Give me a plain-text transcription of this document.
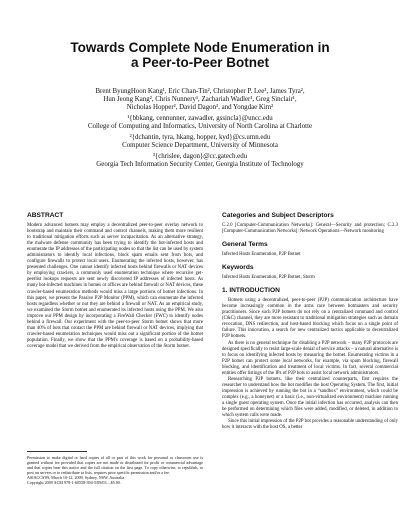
Towards Complete Node Enumeration in
a Peer-to-Peer Botnet
Brent ByungHoon Kang¹, Eric Chan-Tin², Christopher P. Lee³, James Tyra²,
Hun Jeong Kang², Chris Nunnery¹, Zachariah Wadler¹, Greg Sinclair¹,
Nicholas Hopper², David Dagon³, and Yongdae Kim²
¹{bbkang, cennunner, zawadler, gssincla}@uncc.edu
College of Computing and Informatics, University of North Carolina at Charlotte
²{dchantin, tyra, hkang, hopper, kyd}@cs.umn.edu
Computer Science Department, University of Minnesota
³{chrislee, dagon}@cc.gatech.edu
Georgia Tech Information Security Center, Georgia Institute of Technology
ABSTRACT

Modern advanced botnets may employ a decentralized peer-to-peer overlay network to bootstrap and maintain their command and control channels, making them more resilient to traditional mitigation efforts such as server incapacitation. As an alternative strategy, the malware defense community has been trying to identify the bot-infected hosts and enumerate the IP addresses of the participating nodes so that the list can be used by system administrators to identify local infections, block spam emails sent from bots, and configure firewalls to protect local users. Enumerating the infected hosts, however, has presented challenges. One cannot identify infected hosts behind firewalls or NAT devices by employing crawlers, a commonly used enumeration technique where recursive get-peerlist lookups requests are sent newly discovered IP addresses of infected hosts. As many bot-infected machines in homes or offices are behind firewall or NAT devices, these crawler-based enumeration methods would miss a large portions of botnet infections. In this paper, we present the Passive P2P Monitor (PPM), which can enumerate the infected hosts regardless whether or not they are behind a firewall or NAT. As an empirical study, we examined the Storm botnet and enumerated its infected hosts using the PPM. We also improve our PPM design by incorporating a FireWall Checker (FWC) to identify nodes behind a firewall. Our experiment with the peer-to-peer Storm botnet shows that more than 40% of bots that contact the PPM are behind firewall or NAT devices, implying that crawler-based enumeration techniques would miss out a significant portion of the botnet population. Finally, we show that the PPM's coverage is based on a probability-based coverage model that we derived from the empirical observation of the Storm botnet.

Permission to make digital or hard copies of all or part of this work for personal or classroom use is granted without fee provided that copies are not made or distributed for profit or commercial advantage and that copies bear this notice and the full citation on the first page. To copy otherwise, to republish, to post on servers or to redistribute to lists, requires prior specific permission and/or a fee.

ASIACCS'09, March 10-12, 2009, Sydney, NSW, Australia
Copyright 2009 ACM 978-1-60558-394-5/09/03 ...$5.00.
Categories and Subject Descriptors

C.2.0 [Computer-Communication Networks]: General—Security and protection; C.2.3 [Computer-Communication Networks]: Network Operations—Network monitoring

General Terms

Infected Hosts Enumeration, P2P Botnet

Keywords

Infected Hosts Enumeration, P2P Botnet, Storm

1. INTRODUCTION

Botnets using a decentralized, peer-to-peer (P2P) communication architecture have become increasingly common in the arms race between botmasters and security practitioners. Since such P2P botnets do not rely on a centralized command and control (C&C) channel, they are more resistant to traditional mitigation strategies such as domain revocation, DNS redirection, and host-based blocking which focus on a single point of failure. This innovation, a search for new centralized tactics applicable to decentralized P2P botnets.

As there is no general technique for disabling a P2P network – many P2P protocols are designed specifically to resist large-scale denial of service attacks – a natural alternative is to focus on identifying infected hosts by measuring the botnet. Enumerating victims in a P2P botnet can protect some local networks, for example, via spam blocking, firewall blocking, and identification and treatment of local victims. In fact, several commercial entities offer listings of the IPs of P2P bots to assist local network administrators.

Researching P2P botnets, like their centralized counterparts, first requires the researcher to understand how the bot modifies the host Operating System. The first, initial impression is achieved by running the bot in a “sandbox” environment, which could be complex (e.g., a honeynet) or a basic (i.e., non-virtualized environment) machine running a single guest operating system. Once the initial infection has occurred, analysis can then be performed on determining which files were added, modified, or deleted, in addition to which system calls were made.

Since this initial impression of the P2P bot provides a reasonable understanding of only how it interacts with the host OS, a better
